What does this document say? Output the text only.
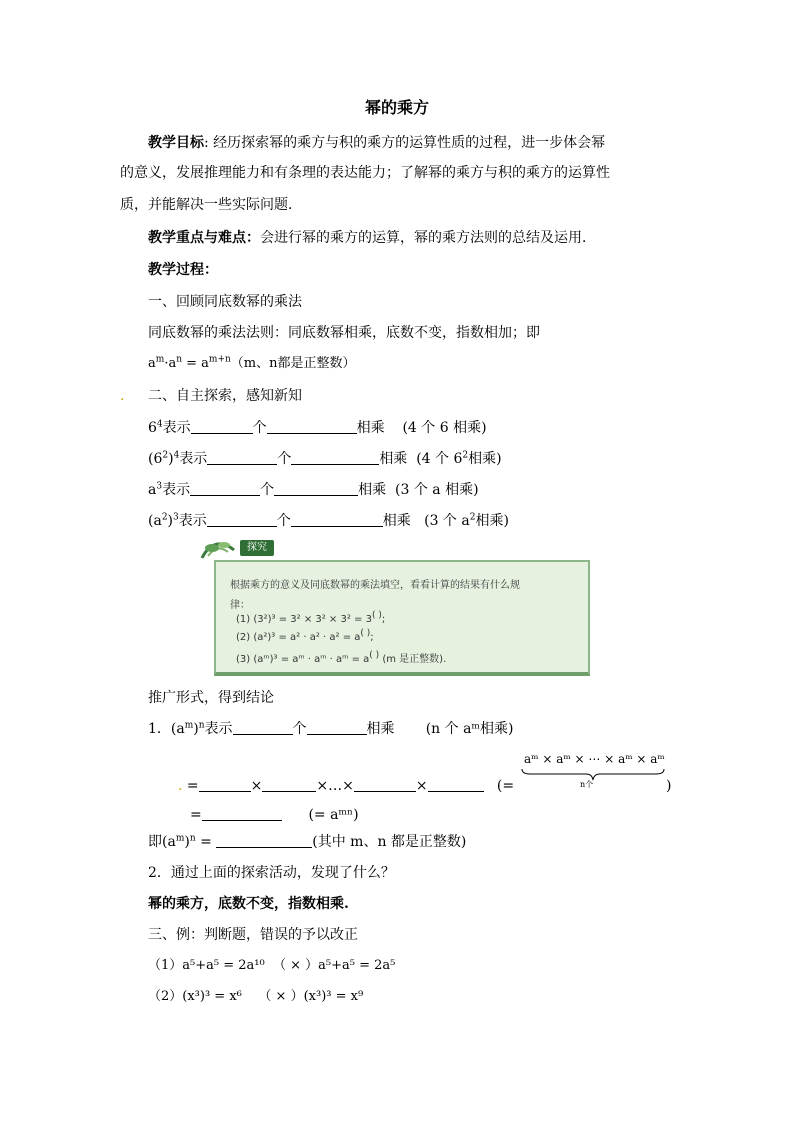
幂的乘方
教学目标: 经历探索幂的乘方与积的乘方的运算性质的过程，进一步体会幂
的意义，发展推理能力和有条理的表达能力；了解幂的乘方与积的乘方的运算性
质，并能解决一些实际问题．
教学重点与难点：会进行幂的乘方的运算，幂的乘方法则的总结及运用．
教学过程：
一、回顾同底数幂的乘法
同底数幂的乘法法则：同底数幂相乘，底数不变，指数相加；即
$a^m\cdot a^n = a^{m+n}(m$、n都是正整数）
. 二、自主探索，感知新知
$6^4$表示	个	相乘 (4 个 6 相乘)
$(6^2)^4$表示	个	相乘 (4 个 $6^2$相乘)
$a^3$表示	个	相乘 (3 个 a 相乘)
$(a^2)^3$表示	个	相乘 (3 个 $a^2$相乘)
探究
根据乘方的意义及同底数幂的乘法填空，看看计算的结果有什么规
律：
(1) (3²)³ = 3² × 3² × 3² = 3( );
(2) (a²)³ = a² · a² · a² = a( );
(3) (aᵐ)³ = aᵐ · aᵐ · aᵐ = a( ) (m 是正整数).
推广形式，得到结论
1．$(a^m)^n$表示	个	相乘 (n 个 aᵐ相乘)
. =	×	×…×	×	(=
aᵐ × aᵐ × ⋯ × aᵐ × aᵐ
n个	)
=	(= aᵐⁿ)
即$(a^m)^n$ =	(其中 m、n 都是正整数)
2．通过上面的探索活动，发现了什么？
幂的乘方，底数不变，指数相乘.
三、例：判断题，错误的予以改正
（1）a⁵+a⁵ = 2a¹⁰ （ × ）a⁵+a⁵ = 2a⁵
（2）(x³)³ = x⁶ （ × ）(x³)³ = x⁹
